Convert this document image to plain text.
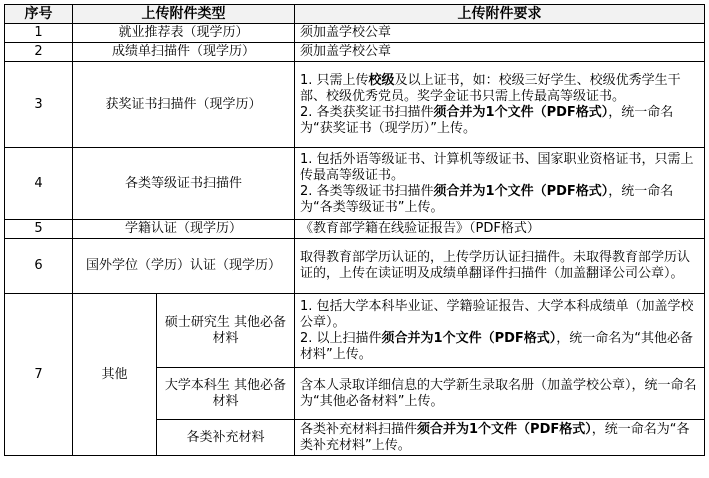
序号	上传附件类型		上传附件要求
1	就业推荐表（现学历）		须加盖学校公章
2	成绩单扫描件（现学历）		须加盖学校公章
3	获奖证书扫描件（现学历）		1. 只需上传校级及以上证书，如：校级三好学生、校级优秀学生干部、校级优秀党员。奖学金证书只需上传最高等级证书。
2. 各类获奖证书扫描件须合并为1个文件（PDF格式），统一命名为“获奖证书（现学历）”上传。

4	各类等级证书扫描件		1. 包括外语等级证书、计算机等级证书、国家职业资格证书，只需上传最高等级证书。
2. 各类等级证书扫描件须合并为1个文件（PDF格式），统一命名为“各类等级证书”上传。

5	学籍认证（现学历）		《教育部学籍在线验证报告》（PDF格式）
6	国外学位（学历）认证（现学历）		取得教育部学历认证的，上传学历认证扫描件。未取得教育部学历认证的，上传在读证明及成绩单翻译件扫描件（加盖翻译公司公章）。
7	其他	硕士研究生 其他必备材料	1. 包括大学本科毕业证、学籍验证报告、大学本科成绩单（加盖学校公章）。
2. 以上扫描件须合并为1个文件（PDF格式），统一命名为“其他必备材料”上传。

		大学本科生 其他必备材料	含本人录取详细信息的大学新生录取名册（加盖学校公章），统一命名为“其他必备材料”上传。
		各类补充材料	各类补充材料扫描件须合并为1个文件（PDF格式），统一命名为“各类补充材料”上传。
